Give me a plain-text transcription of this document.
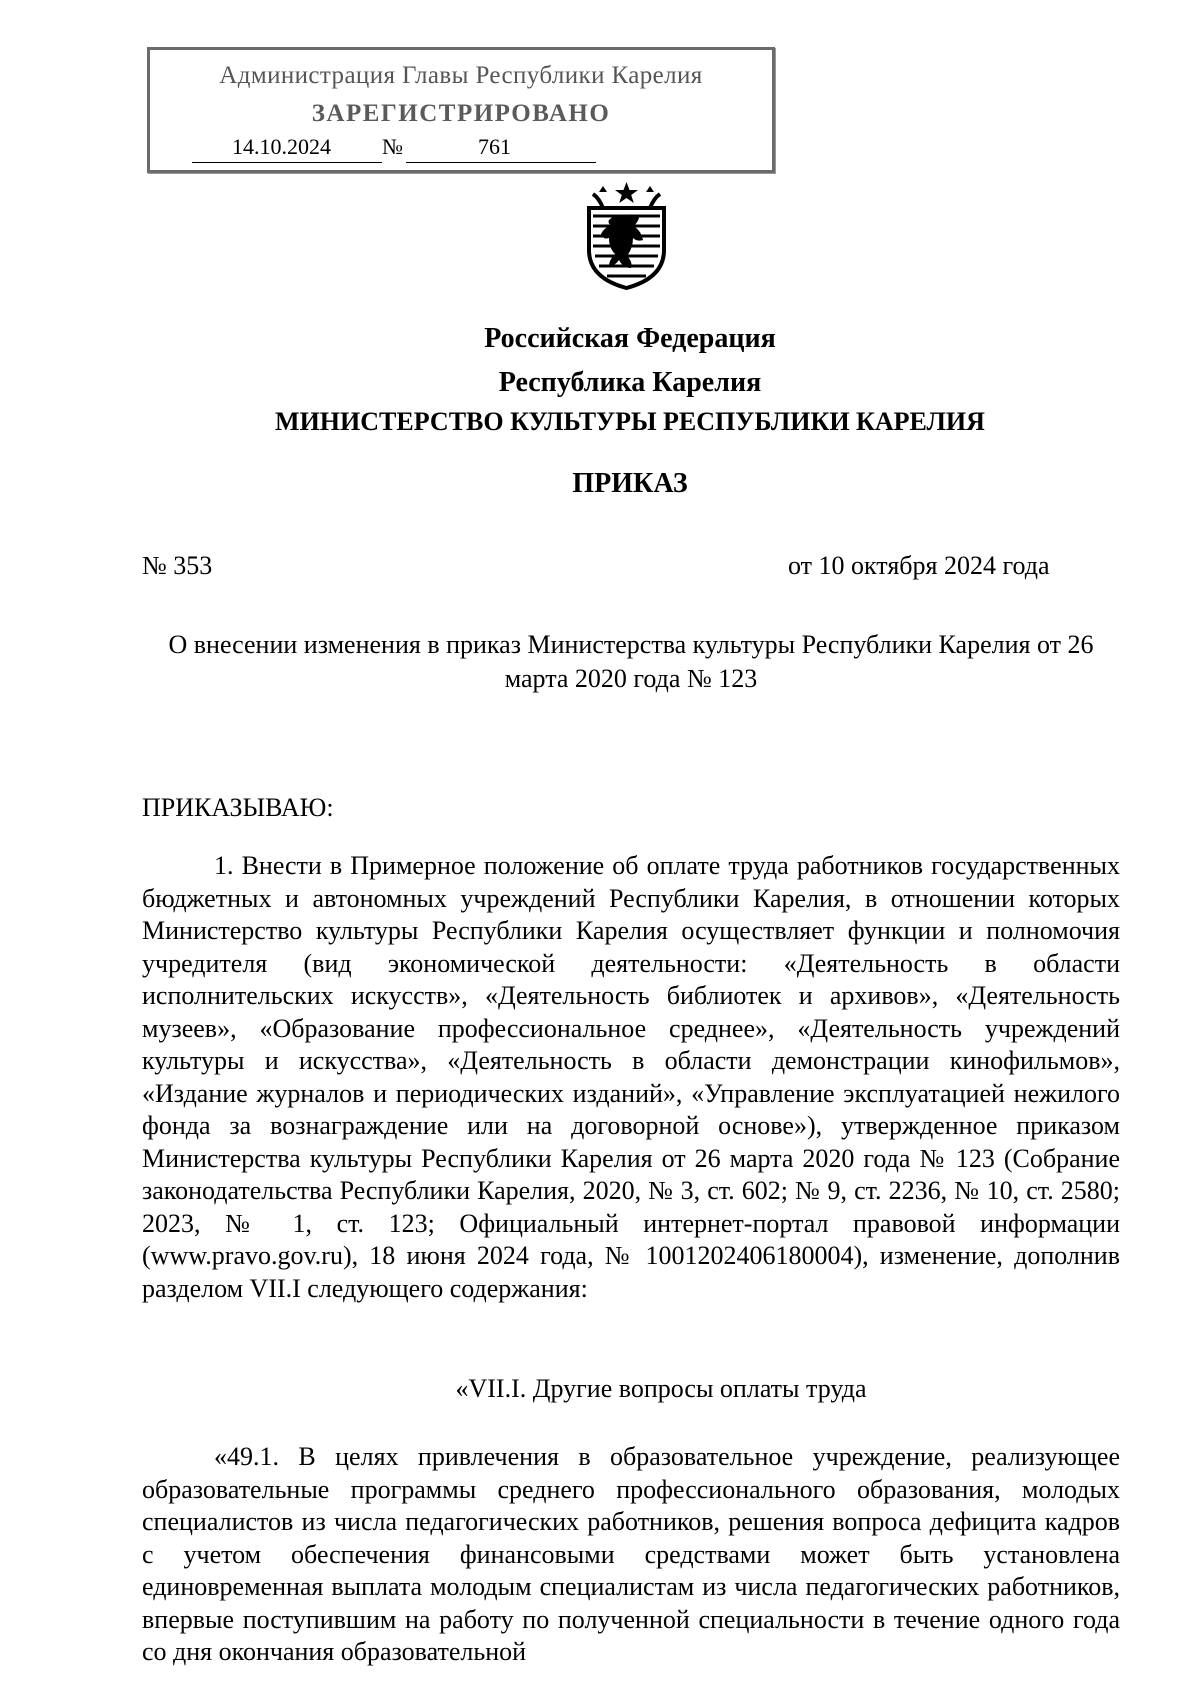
Администрация Главы Республики Карелия
ЗАРЕГИСТРИРОВАНО
14.10.2024	№	761
Российская Федерация
Республика Карелия
МИНИСТЕРСТВО КУЛЬТУРЫ РЕСПУБЛИКИ КАРЕЛИЯ
ПРИКАЗ
№ 353	от 10 октября 2024 года
О внесении изменения в приказ Министерства культуры Республики Карелия от 26 марта 2020 года № 123
ПРИКАЗЫВАЮ:
1. Внести в Примерное положение об оплате труда работников государственных бюджетных и автономных учреждений Республики Карелия, в отношении которых Министерство культуры Республики Карелия осуществляет функции и полномочия учредителя (вид экономической деятельности: «Деятельность в области исполнительских искусств», «Деятельность библиотек и архивов», «Деятельность музеев», «Образование профессиональное среднее», «Деятельность учреждений культуры и искусства», «Деятельность в области демонстрации кинофильмов», «Издание журналов и периодических изданий», «Управление эксплуатацией нежилого фонда за вознаграждение или на договорной основе»), утвержденное приказом Министерства культуры Республики Карелия от 26 марта 2020 года № 123 (Собрание законодательства Республики Карелия, 2020, № 3, ст. 602; № 9, ст. 2236, № 10, ст. 2580; 2023, № 1, ст. 123; Официальный интернет-портал правовой информации (www.pravo.gov.ru), 18 июня 2024 года, № 1001202406180004), изменение, дополнив разделом VII.I следующего содержания:
«VII.I. Другие вопросы оплаты труда
«49.1. В целях привлечения в образовательное учреждение, реализующее образовательные программы среднего профессионального образования, молодых специалистов из числа педагогических работников, решения вопроса дефицита кадров с учетом обеспечения финансовыми средствами может быть установлена единовременная выплата молодым специалистам из числа педагогических работников, впервые поступившим на работу по полученной специальности в течение одного года со дня окончания образовательной
